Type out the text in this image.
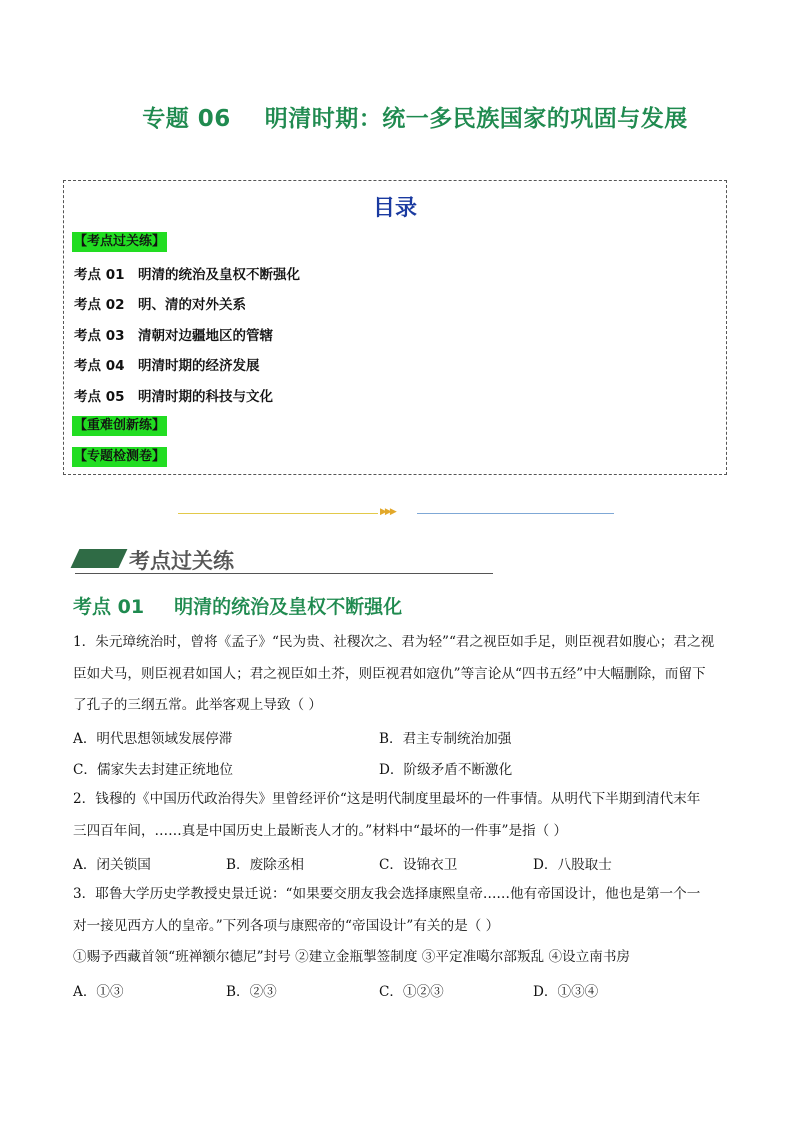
专题 06 明清时期：统一多民族国家的巩固与发展
目录
【考点过关练】
考点 01 明清的统治及皇权不断强化
考点 02 明、清的对外关系
考点 03 清朝对边疆地区的管辖
考点 04 明清时期的经济发展
考点 05 明清时期的科技与文化
【重难创新练】
【专题检测卷】
▶▶▶
考点过关练
考点 01 明清的统治及皇权不断强化
1．朱元璋统治时，曾将《孟子》“民为贵、社稷次之、君为轻”“君之视臣如手足，则臣视君如腹心；君之视
臣如犬马，则臣视君如国人；君之视臣如土芥，则臣视君如寇仇”等言论从“四书五经”中大幅删除，而留下
了孔子的三纲五常。此举客观上导致（ ）
A．明代思想领域发展停滞	B．君主专制统治加强
C．儒家失去封建正统地位	D．阶级矛盾不断激化
2．钱穆的《中国历代政治得失》里曾经评价“这是明代制度里最坏的一件事情。从明代下半期到清代末年
三四百年间，……真是中国历史上最断丧人才的。”材料中“最坏的一件事”是指（ ）
A．闭关锁国	B．废除丞相	C．设锦衣卫	D．八股取士
3．耶鲁大学历史学教授史景迁说：“如果要交朋友我会选择康熙皇帝……他有帝国设计，他也是第一个一
对一接见西方人的皇帝。”下列各项与康熙帝的“帝国设计”有关的是（ ）
①赐予西藏首领“班禅额尔德尼”封号 ②建立金瓶掣签制度 ③平定准噶尔部叛乱 ④设立南书房
A．①③	B．②③	C．①②③	D．①③④
